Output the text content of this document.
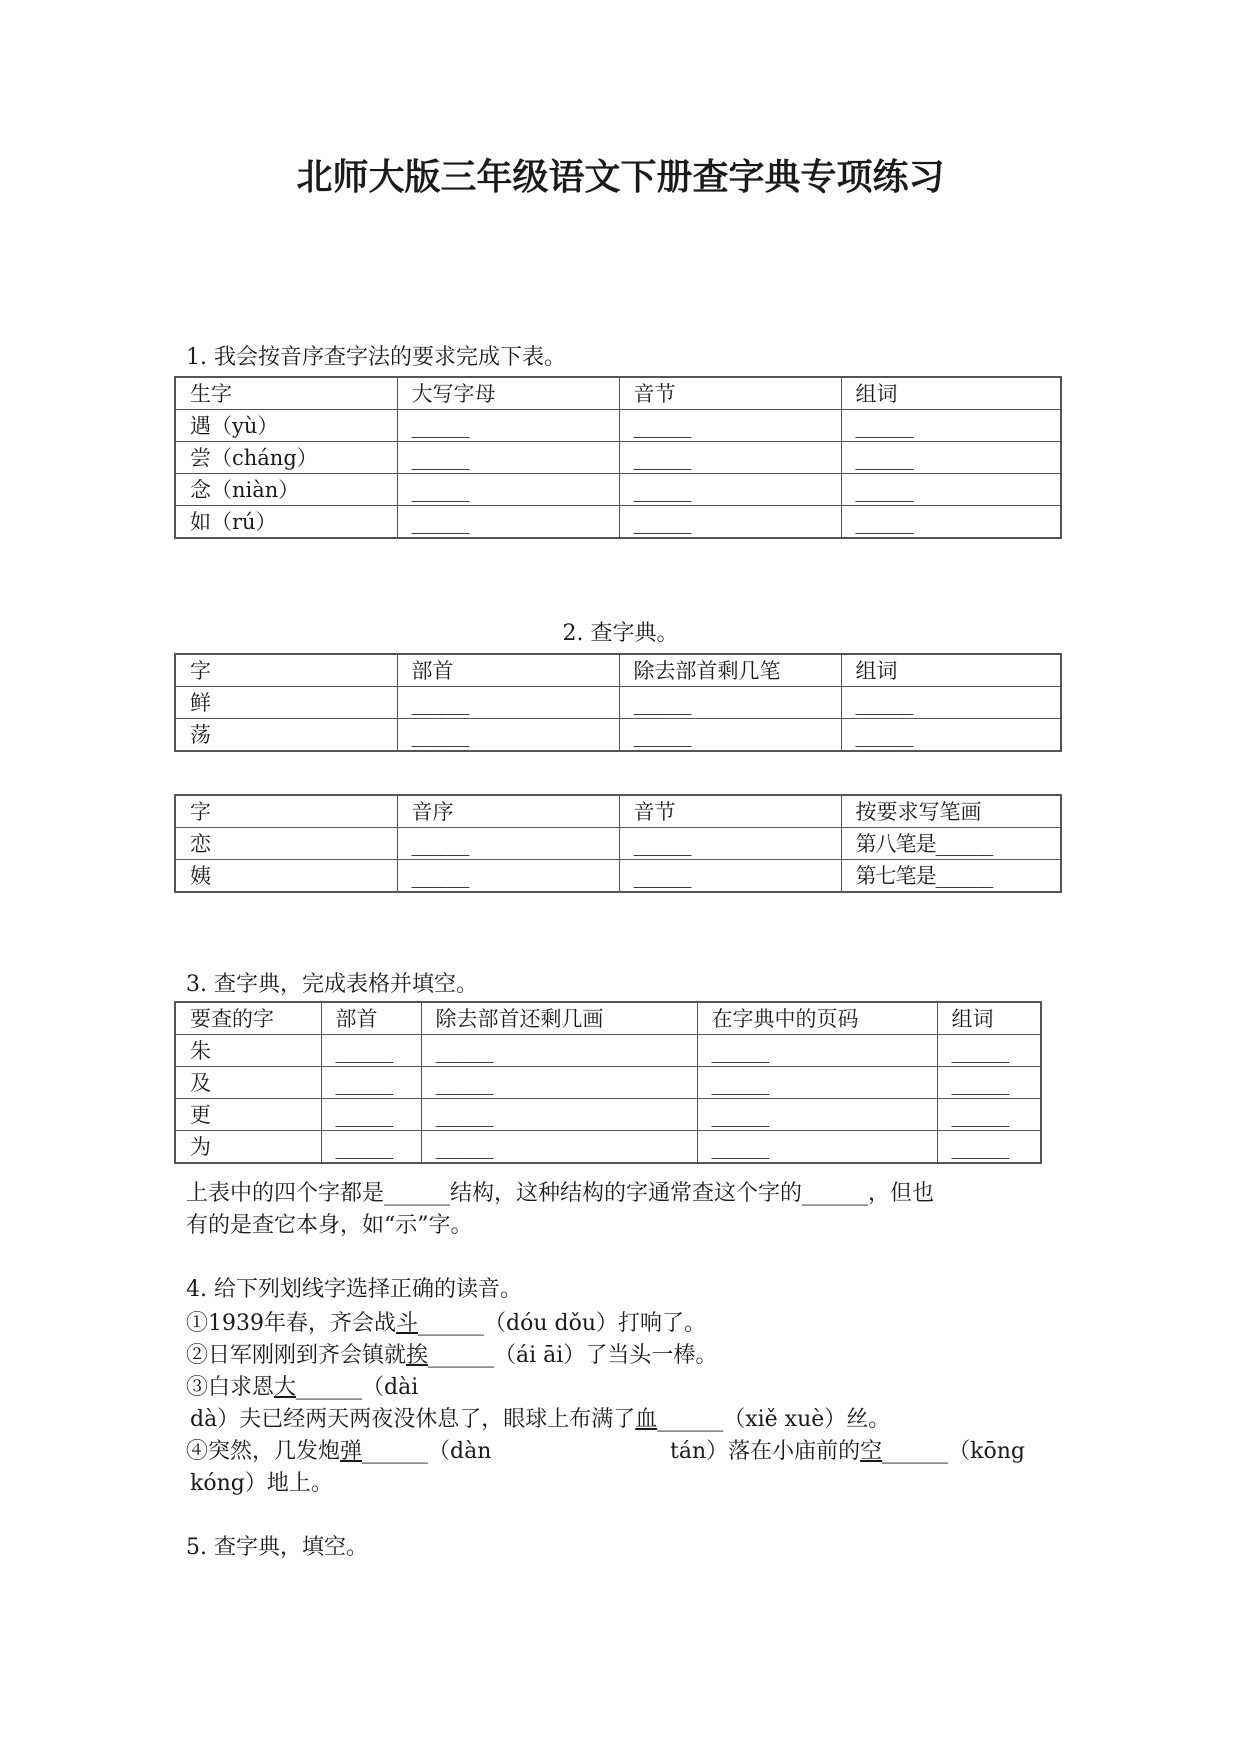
北师大版三年级语文下册查字典专项练习
1. 我会按音序查字法的要求完成下表。
生字	大写字母	音节	组词
遇（yù）	______	______	______
尝（cháng）	______	______	______
念（niàn）	______	______	______
如（rú）	______	______	______
2. 查字典。
字	部首	除去部首剩几笔	组词
鲜	______	______	______
荡	______	______	______
字	音序	音节	按要求写笔画
恋	______	______	第八笔是______
姨	______	______	第七笔是______
3. 查字典，完成表格并填空。
要查的字	部首	除去部首还剩几画	在字典中的页码	组词
朱	______	______	______	______
及	______	______	______	______
更	______	______	______	______
为	______	______	______	______
上表中的四个字都是______结构，这种结构的字通常查这个字的______，但也
有的是查它本身，如“示”字。
4. 给下列划线字选择正确的读音。
①1939年春，齐会战斗______（dóu dǒu）打响了。
②日军刚刚到齐会镇就挨______（ái āi）了当头一棒。
③白求恩大______（dài
dà）夫已经两天两夜没休息了，眼球上布满了血______（xiě xuè）丝。
④突然，几发炮弹______（dàn	tán）落在小庙前的空______（kōng
kóng）地上。
5. 查字典，填空。
